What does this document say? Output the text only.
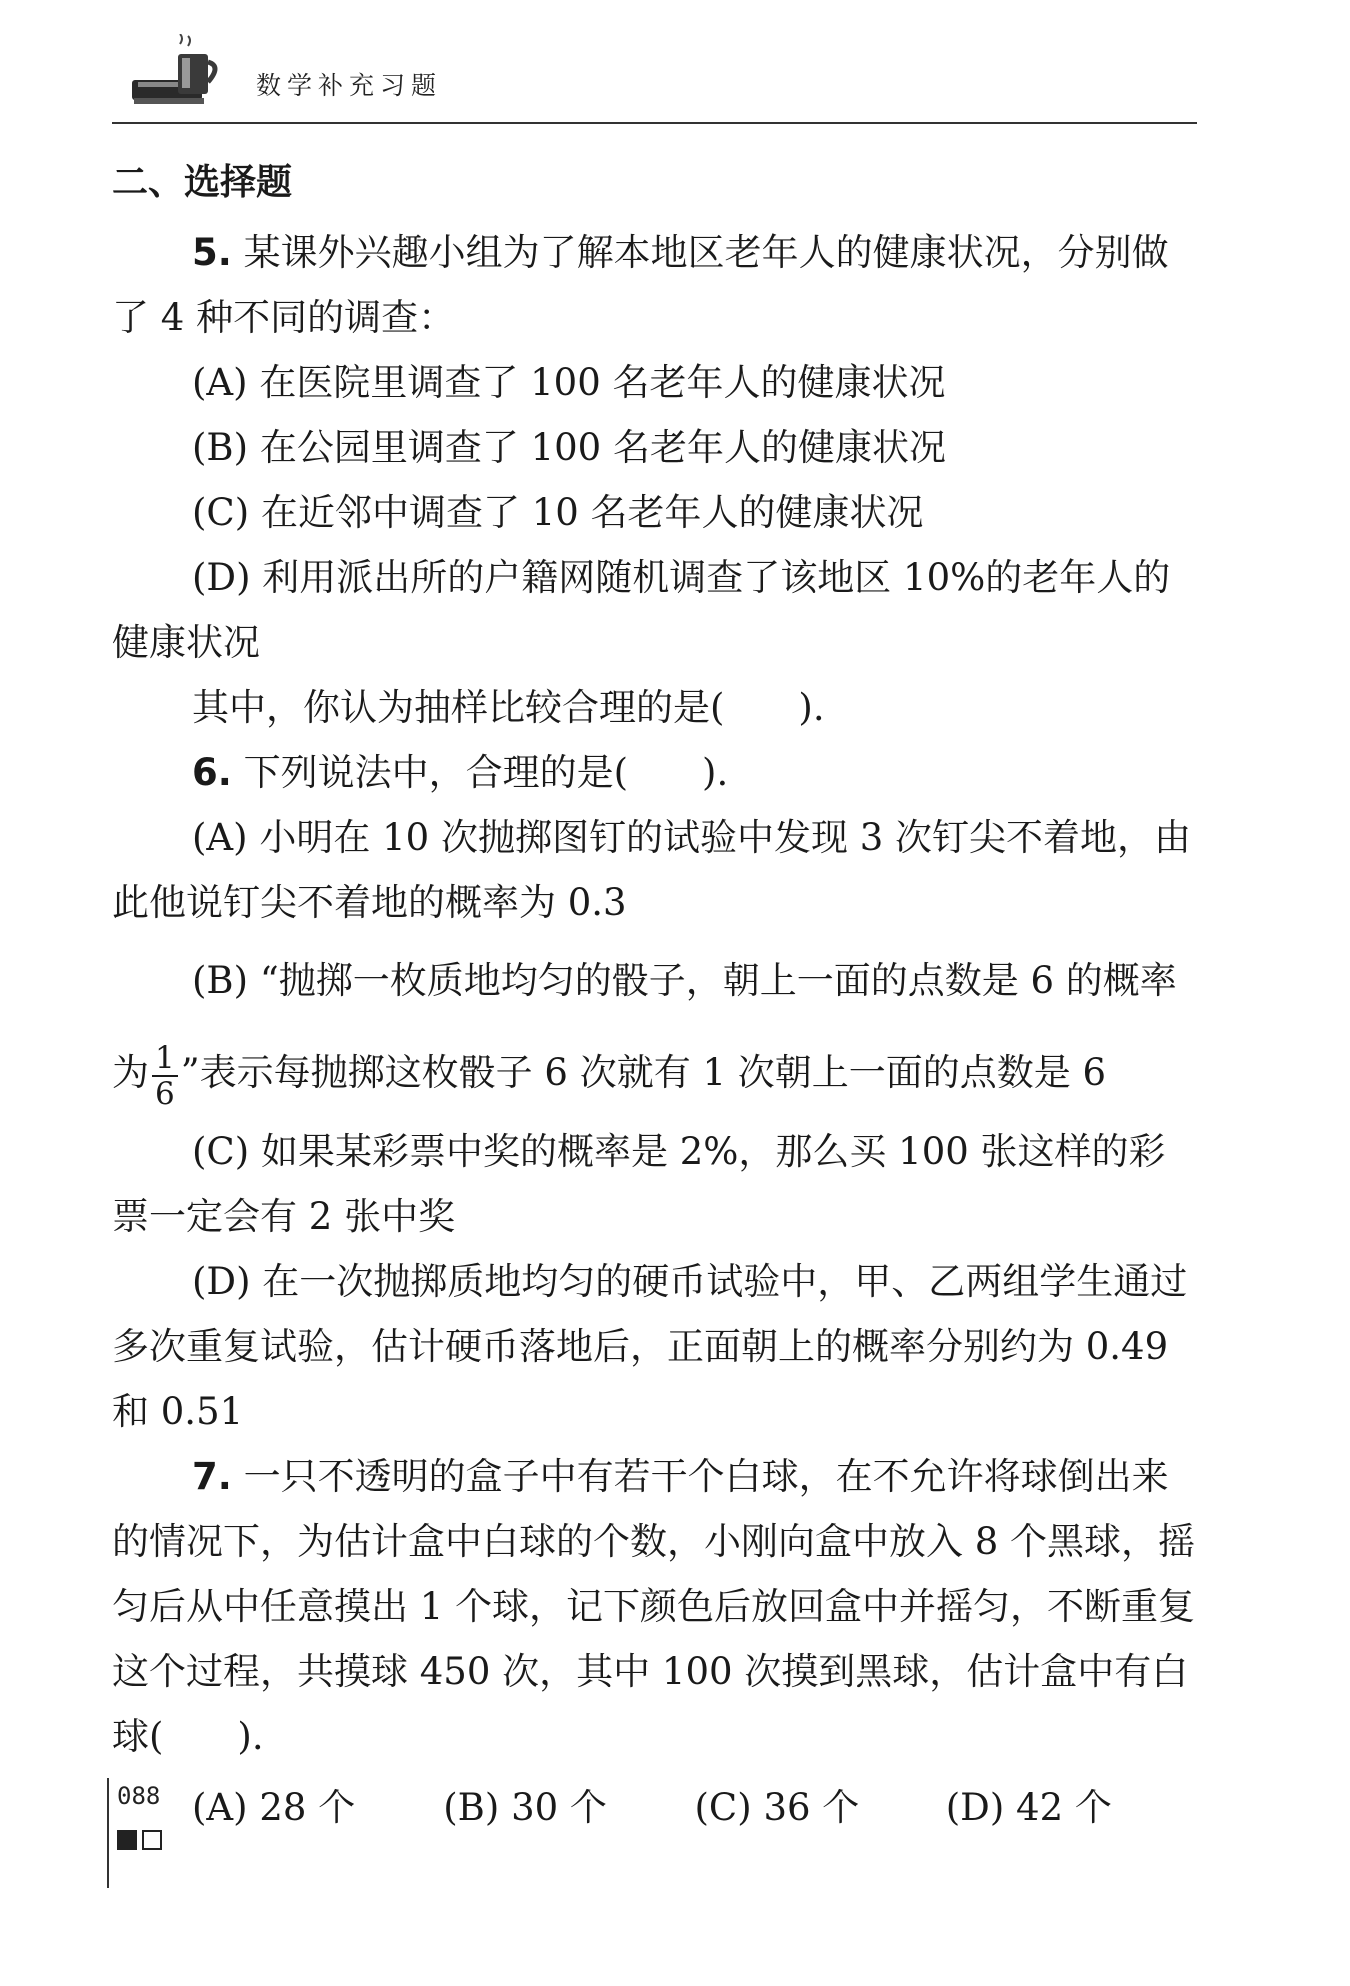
数学补充习题

二、选择题

5. 某课外兴趣小组为了解本地区老年人的健康状况，分别做了 4 种不同的调查：

(A) 在医院里调查了 100 名老年人的健康状况

(B) 在公园里调查了 100 名老年人的健康状况

(C) 在近邻中调查了 10 名老年人的健康状况

(D) 利用派出所的户籍网随机调查了该地区 10%的老年人的健康状况

其中，你认为抽样比较合理的是(　　).

6. 下列说法中，合理的是(　　).

(A) 小明在 10 次抛掷图钉的试验中发现 3 次钉尖不着地，由此他说钉尖不着地的概率为 0.3

(B) “抛掷一枚质地均匀的骰子，朝上一面的点数是 6 的概率为 $\frac{1}{6}$ ”表示每抛掷这枚骰子 6 次就有 1 次朝上一面的点数是 6

(C) 如果某彩票中奖的概率是 2%，那么买 100 张这样的彩票一定会有 2 张中奖

(D) 在一次抛掷质地均匀的硬币试验中，甲、乙两组学生通过多次重复试验，估计硬币落地后，正面朝上的概率分别约为 0.49 和 0.51

7. 一只不透明的盒子中有若干个白球，在不允许将球倒出来的情况下，为估计盒中白球的个数，小刚向盒中放入 8 个黑球，摇匀后从中任意摸出 1 个球，记下颜色后放回盒中并摇匀，不断重复这个过程，共摸球 450 次，其中 100 次摸到黑球，估计盒中有白球(　　).

(A) 28 个	(B) 30 个	(C) 36 个	(D) 42 个

088
